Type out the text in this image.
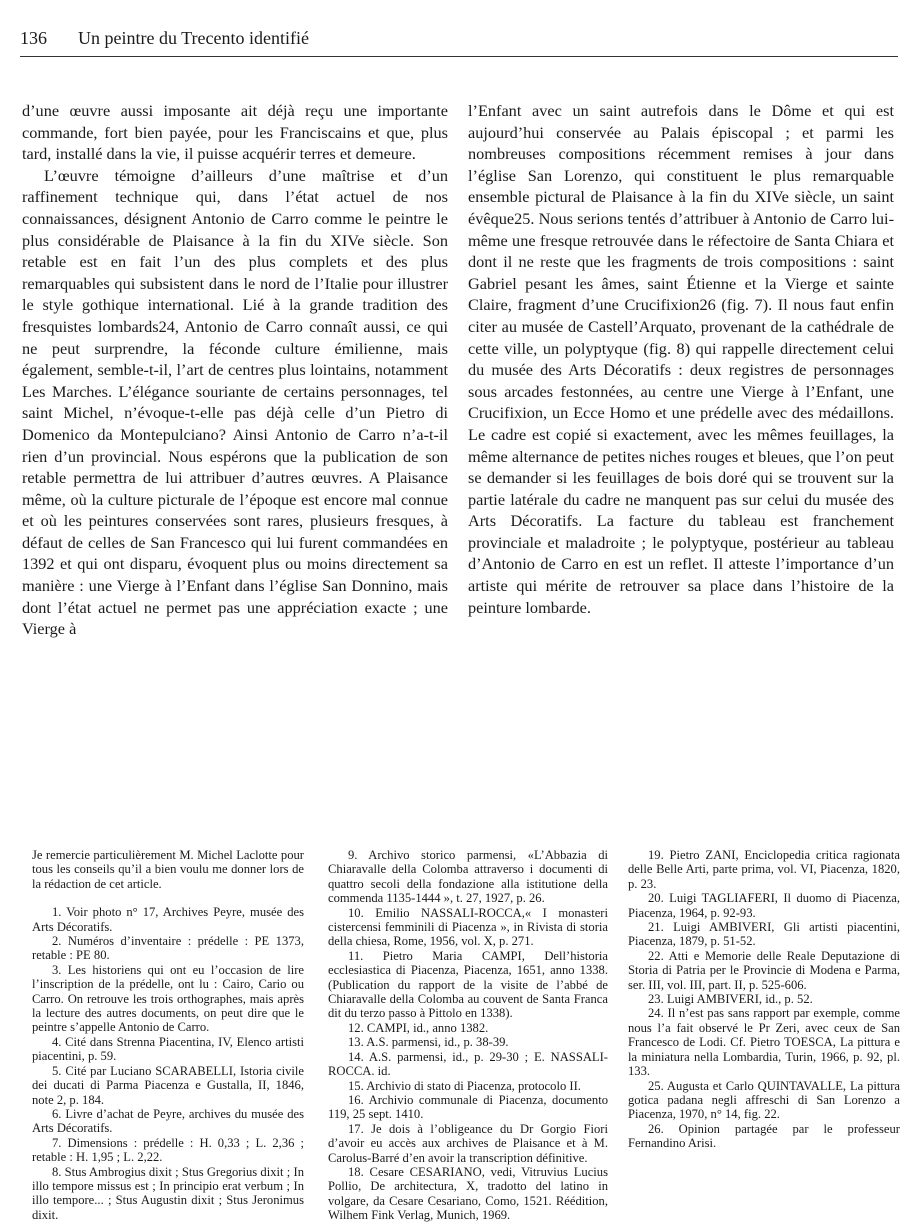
136 Un peintre du Trecento identifié

d’une œuvre aussi imposante ait déjà reçu une importante commande, fort bien payée, pour les Franciscains et que, plus tard, installé dans la vie, il puisse acquérir terres et demeure.

L’œuvre témoigne d’ailleurs d’une maîtrise et d’un raffinement technique qui, dans l’état actuel de nos connaissances, désignent Antonio de Carro comme le peintre le plus considérable de Plaisance à la fin du XIVe siècle. Son retable est en fait l’un des plus complets et des plus remarquables qui subsistent dans le nord de l’Italie pour illustrer le style gothique international. Lié à la grande tradition des fresquistes lombards24, Antonio de Carro connaît aussi, ce qui ne peut surprendre, la féconde culture émilienne, mais également, semble-t-il, l’art de centres plus lointains, notamment Les Marches. L’élégance souriante de certains personnages, tel saint Michel, n’évoque-t-elle pas déjà celle d’un Pietro di Domenico da Montepulciano? Ainsi Antonio de Carro n’a-t-il rien d’un provincial. Nous espérons que la publication de son retable permettra de lui attribuer d’autres œuvres. A Plaisance même, où la culture picturale de l’époque est encore mal connue et où les peintures conservées sont rares, plusieurs fresques, à défaut de celles de San Francesco qui lui furent commandées en 1392 et qui ont disparu, évoquent plus ou moins directement sa manière : une Vierge à l’Enfant dans l’église San Donnino, mais dont l’état actuel ne permet pas une appréciation exacte ; une Vierge à

l’Enfant avec un saint autrefois dans le Dôme et qui est aujourd’hui conservée au Palais épiscopal ; et parmi les nombreuses compositions récemment remises à jour dans l’église San Lorenzo, qui constituent le plus remarquable ensemble pictural de Plaisance à la fin du XIVe siècle, un saint évêque25. Nous serions tentés d’attribuer à Antonio de Carro lui-même une fresque retrouvée dans le réfectoire de Santa Chiara et dont il ne reste que les fragments de trois compositions : saint Gabriel pesant les âmes, saint Étienne et la Vierge et sainte Claire, fragment d’une Crucifixion26 (fig. 7). Il nous faut enfin citer au musée de Castell’Arquato, provenant de la cathédrale de cette ville, un polyptyque (fig. 8) qui rappelle directement celui du musée des Arts Décoratifs : deux registres de personnages sous arcades festonnées, au centre une Vierge à l’Enfant, une Crucifixion, un Ecce Homo et une prédelle avec des médaillons. Le cadre est copié si exactement, avec les mêmes feuillages, la même alternance de petites niches rouges et bleues, que l’on peut se demander si les feuillages de bois doré qui se trouvent sur la partie latérale du cadre ne manquent pas sur celui du musée des Arts Décoratifs. La facture du tableau est franchement provinciale et maladroite ; le polyptyque, postérieur au tableau d’Antonio de Carro en est un reflet. Il atteste l’importance d’un artiste qui mérite de retrouver sa place dans l’histoire de la peinture lombarde.

Je remercie particulièrement M. Michel Laclotte pour tous les conseils qu’il a bien voulu me donner lors de la rédaction de cet article.

1. Voir photo n° 17, Archives Peyre, musée des Arts Décoratifs.

2. Numéros d’inventaire : prédelle : PE 1373, retable : PE 80.

3. Les historiens qui ont eu l’occasion de lire l’inscription de la prédelle, ont lu : Cairo, Cario ou Carro. On retrouve les trois orthographes, mais après la lecture des autres documents, on peut dire que le peintre s’appelle Antonio de Carro.

4. Cité dans Strenna Piacentina, IV, Elenco artisti piacentini, p. 59.

5. Cité par Luciano SCARABELLI, Istoria civile dei ducati di Parma Piacenza e Gustalla, II, 1846, note 2, p. 184.

6. Livre d’achat de Peyre, archives du musée des Arts Décoratifs.

7. Dimensions : prédelle : H. 0,33 ; L. 2,36 ; retable : H. 1,95 ; L. 2,22.

8. Stus Ambrogius dixit ; Stus Gregorius dixit ; In illo tempore missus est ; In principio erat verbum ; In illo tempore... ; Stus Augustin dixit ; Stus Jeronimus dixit.

9. Archivo storico parmensi, «L’Abbazia di Chiaravalle della Colomba attraverso i documenti di quattro secoli della fondazione alla istitutione della commenda 1135-1444 », t. 27, 1927, p. 26.

10. Emilio NASSALI-ROCCA,« I monasteri cistercensi femminili di Piacenza », in Rivista di storia della chiesa, Rome, 1956, vol. X, p. 271.

11. Pietro Maria CAMPI, Dell’historia ecclesiastica di Piacenza, Piacenza, 1651, anno 1338. (Publication du rapport de la visite de l’abbé de Chiaravalle della Colomba au couvent de Santa Franca dit du terzo passo à Pittolo en 1338).

12. CAMPI, id., anno 1382.

13. A.S. parmensi, id., p. 38-39.

14. A.S. parmensi, id., p. 29-30 ; E. NASSALI-ROCCA. id.

15. Archivio di stato di Piacenza, protocolo II.

16. Archivio communale di Piacenza, documento 119, 25 sept. 1410.

17. Je dois à l’obligeance du Dr Gorgio Fiori d’avoir eu accès aux archives de Plaisance et à M. Carolus-Barré d’en avoir la transcription définitive.

18. Cesare CESARIANO, vedi, Vitruvius Lucius Pollio, De architectura, X, tradotto del latino in volgare, da Cesare Cesariano, Como, 1521. Réédition, Wilhem Fink Verlag, Munich, 1969.

19. Pietro ZANI, Enciclopedia critica ragionata delle Belle Arti, parte prima, vol. VI, Piacenza, 1820, p. 23.

20. Luigi TAGLIAFERI, Il duomo di Piacenza, Piacenza, 1964, p. 92-93.

21. Luigi AMBIVERI, Gli artisti piacentini, Piacenza, 1879, p. 51-52.

22. Atti e Memorie delle Reale Deputazione di Storia di Patria per le Provincie di Modena e Parma, ser. III, vol. III, part. II, p. 525-606.

23. Luigi AMBIVERI, id., p. 52.

24. Il n’est pas sans rapport par exemple, comme nous l’a fait observé le Pr Zeri, avec ceux de San Francesco de Lodi. Cf. Pietro TOESCA, La pittura e la miniatura nella Lombardia, Turin, 1966, p. 92, pl. 133.

25. Augusta et Carlo QUINTAVALLE, La pittura gotica padana negli affreschi di San Lorenzo a Piacenza, 1970, n° 14, fig. 22.

26. Opinion partagée par le professeur Fernandino Arisi.
